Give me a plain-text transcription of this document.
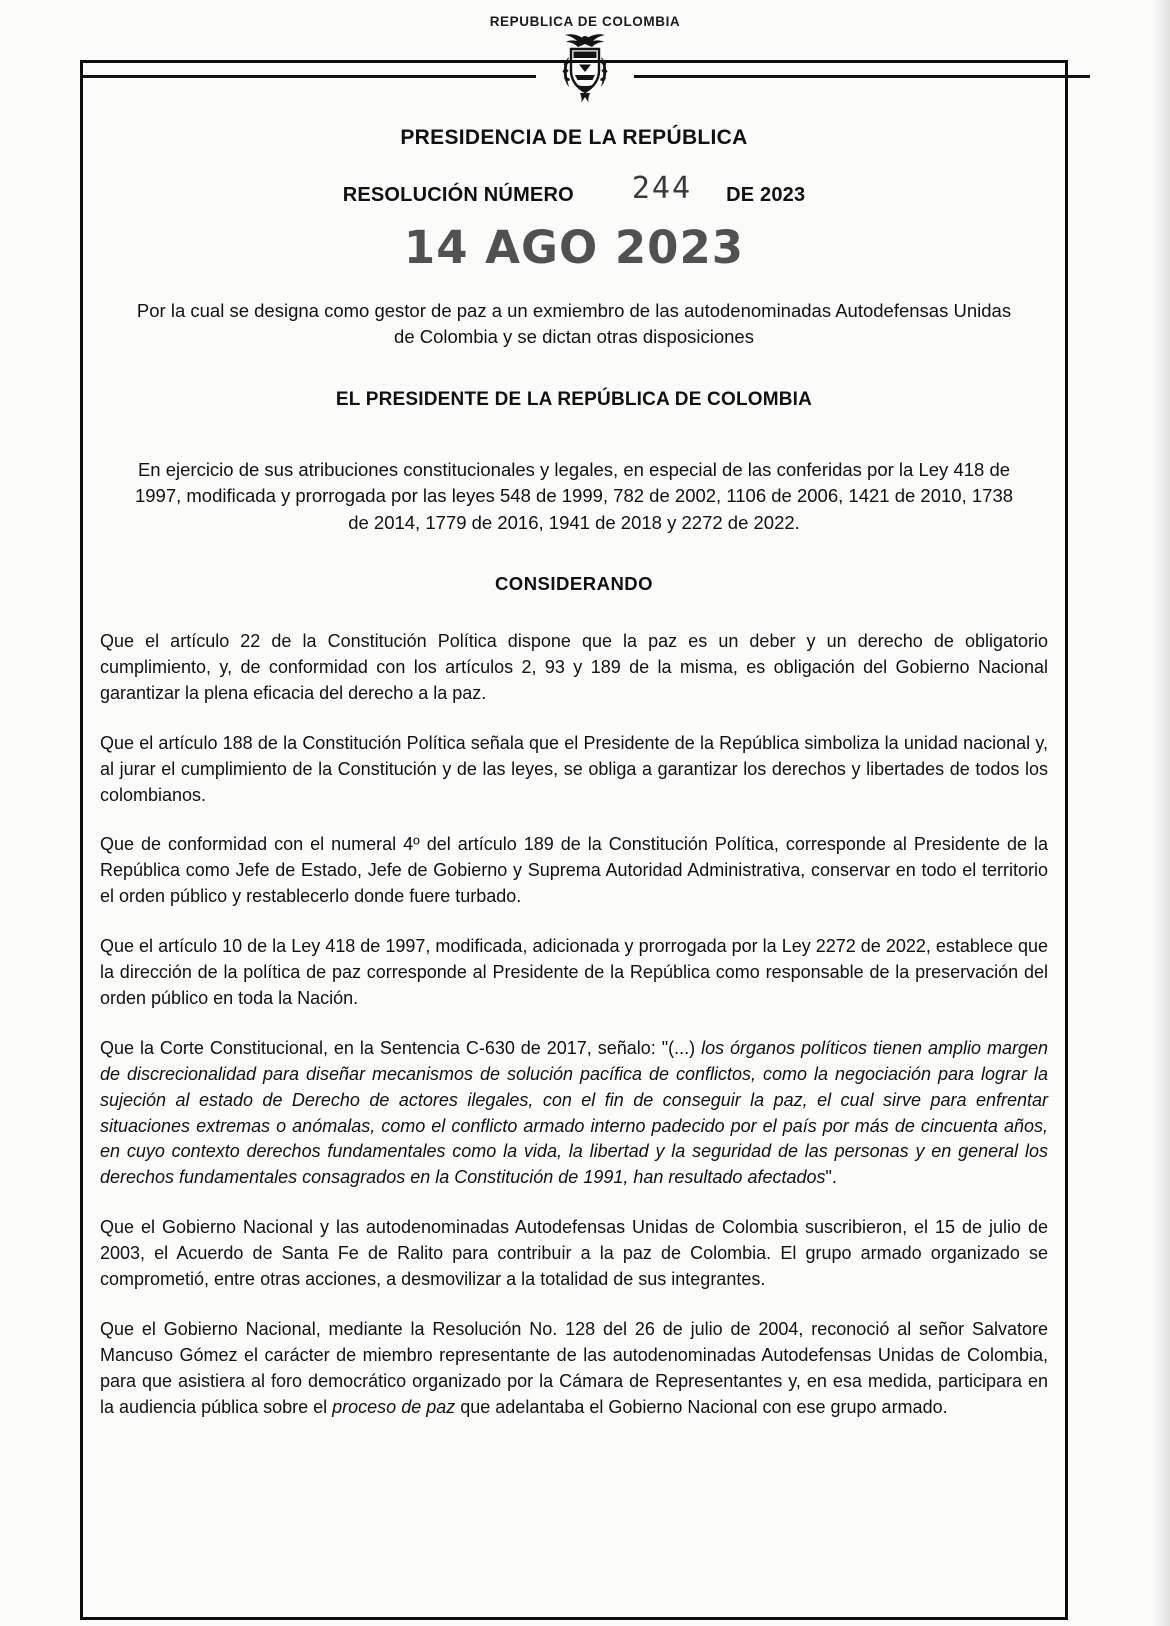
REPUBLICA DE COLOMBIA
PRESIDENCIA DE LA REPÚBLICA
RESOLUCIÓN NÚMERO 244 DE 2023
14 AGO 2023
Por la cual se designa como gestor de paz a un exmiembro de las autodenominadas Autodefensas Unidas de Colombia y se dictan otras disposiciones
EL PRESIDENTE DE LA REPÚBLICA DE COLOMBIA
En ejercicio de sus atribuciones constitucionales y legales, en especial de las conferidas por la Ley 418 de 1997, modificada y prorrogada por las leyes 548 de 1999, 782 de 2002, 1106 de 2006, 1421 de 2010, 1738 de 2014, 1779 de 2016, 1941 de 2018 y 2272 de 2022.
CONSIDERANDO

Que el artículo 22 de la Constitución Política dispone que la paz es un deber y un derecho de obligatorio cumplimiento, y, de conformidad con los artículos 2, 93 y 189 de la misma, es obligación del Gobierno Nacional garantizar la plena eficacia del derecho a la paz.

Que el artículo 188 de la Constitución Política señala que el Presidente de la República simboliza la unidad nacional y, al jurar el cumplimiento de la Constitución y de las leyes, se obliga a garantizar los derechos y libertades de todos los colombianos.

Que de conformidad con el numeral 4º del artículo 189 de la Constitución Política, corresponde al Presidente de la República como Jefe de Estado, Jefe de Gobierno y Suprema Autoridad Administrativa, conservar en todo el territorio el orden público y restablecerlo donde fuere turbado.

Que el artículo 10 de la Ley 418 de 1997, modificada, adicionada y prorrogada por la Ley 2272 de 2022, establece que la dirección de la política de paz corresponde al Presidente de la República como responsable de la preservación del orden público en toda la Nación.

Que la Corte Constitucional, en la Sentencia C-630 de 2017, señalo: "(...) los órganos políticos tienen amplio margen de discrecionalidad para diseñar mecanismos de solución pacífica de conflictos, como la negociación para lograr la sujeción al estado de Derecho de actores ilegales, con el fin de conseguir la paz, el cual sirve para enfrentar situaciones extremas o anómalas, como el conflicto armado interno padecido por el país por más de cincuenta años, en cuyo contexto derechos fundamentales como la vida, la libertad y la seguridad de las personas y en general los derechos fundamentales consagrados en la Constitución de 1991, han resultado afectados".

Que el Gobierno Nacional y las autodenominadas Autodefensas Unidas de Colombia suscribieron, el 15 de julio de 2003, el Acuerdo de Santa Fe de Ralito para contribuir a la paz de Colombia. El grupo armado organizado se comprometió, entre otras acciones, a desmovilizar a la totalidad de sus integrantes.

Que el Gobierno Nacional, mediante la Resolución No. 128 del 26 de julio de 2004, reconoció al señor Salvatore Mancuso Gómez el carácter de miembro representante de las autodenominadas Autodefensas Unidas de Colombia, para que asistiera al foro democrático organizado por la Cámara de Representantes y, en esa medida, participara en la audiencia pública sobre el proceso de paz que adelantaba el Gobierno Nacional con ese grupo armado.
